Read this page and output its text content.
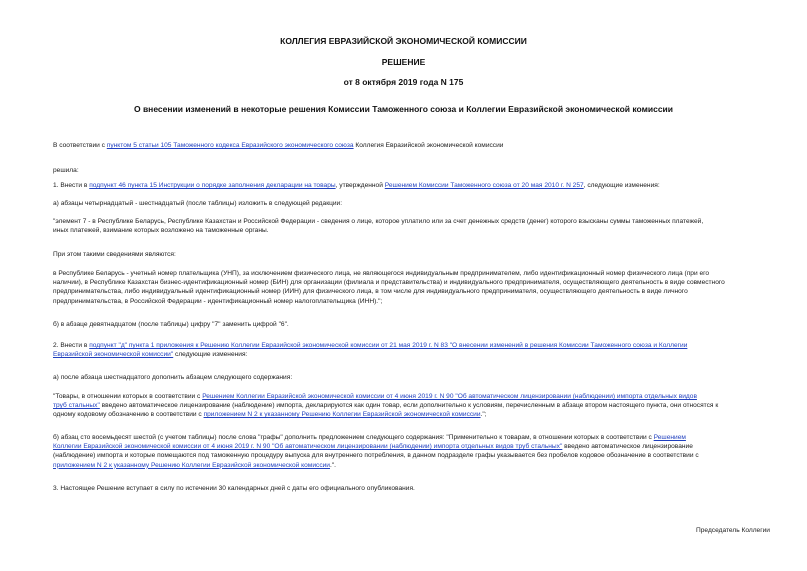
КОЛЛЕГИЯ ЕВРАЗИЙСКОЙ ЭКОНОМИЧЕСКОЙ КОМИССИИ
РЕШЕНИЕ
от 8 октября 2019 года N 175
О внесении изменений в некоторые решения Комиссии Таможенного союза и Коллегии Евразийской экономической комиссии
В соответствии с пунктом 5 статьи 105 Таможенного кодекса Евразийского экономического союза Коллегия Евразийской экономической комиссии
решила:
1. Внести в подпункт 46 пункта 15 Инструкции о порядке заполнения декларации на товары, утвержденной Решением Комиссии Таможенного союза от 20 мая 2010 г. N 257, следующие изменения:
а) абзацы четырнадцатый - шестнадцатый (после таблицы) изложить в следующей редакции:
"элемент 7 - в Республике Беларусь, Республике Казахстан и Российской Федерации - сведения о лице, которое уплатило или за счет денежных средств (денег) которого взысканы суммы таможенных платежей,
иных платежей, взимание которых возложено на таможенные органы.
При этом такими сведениями являются:
в Республике Беларусь - учетный номер плательщика (УНП), за исключением физического лица, не являющегося индивидуальным предпринимателем, либо идентификационный номер физического лица (при его
наличии), в Республике Казахстан бизнес-идентификационный номер (БИН) для организации (филиала и представительства) и индивидуального предпринимателя, осуществляющего деятельность в виде совместного
предпринимательства, либо индивидуальный идентификационный номер (ИИН) для физического лица, в том числе для индивидуального предпринимателя, осуществляющего деятельность в виде личного
предпринимательства, в Российской Федерации - идентификационный номер налогоплательщика (ИНН).";
б) в абзаце девятнадцатом (после таблицы) цифру "7" заменить цифрой "6".
2. Внести в подпункт "д" пункта 1 приложения к Решению Коллегии Евразийской экономической комиссии от 21 мая 2019 г. N 83 "О внесении изменений в решения Комиссии Таможенного союза и Коллегии
Евразийской экономической комиссии" следующие изменения:
а) после абзаца шестнадцатого дополнить абзацем следующего содержания:
"Товары, в отношении которых в соответствии с Решением Коллегии Евразийской экономической комиссии от 4 июня 2019 г. N 90 "Об автоматическом лицензировании (наблюдении) импорта отдельных видов
труб стальных" введено автоматическое лицензирование (наблюдение) импорта, декларируются как один товар, если дополнительно к условиям, перечисленным в абзаце втором настоящего пункта, они относятся к
одному кодовому обозначению в соответствии с приложением N 2 к указанному Решению Коллегии Евразийской экономической комиссии.";
б) абзац сто восемьдесят шестой (с учетом таблицы) после слова "графы" дополнить предложением следующего содержания: "Применительно к товарам, в отношении которых в соответствии с Решением
Коллегии Евразийской экономической комиссии от 4 июня 2019 г. N 90 "Об автоматическом лицензировании (наблюдении) импорта отдельных видов труб стальных" введено автоматическое лицензирование
(наблюдение) импорта и которые помещаются под таможенную процедуру выпуска для внутреннего потребления, в данном подразделе графы указывается без пробелов кодовое обозначение в соответствии с
приложением N 2 к указанному Решению Коллегии Евразийской экономической комиссии.".
3. Настоящее Решение вступает в силу по истечении 30 календарных дней с даты его официального опубликования.
Председатель Коллегии
